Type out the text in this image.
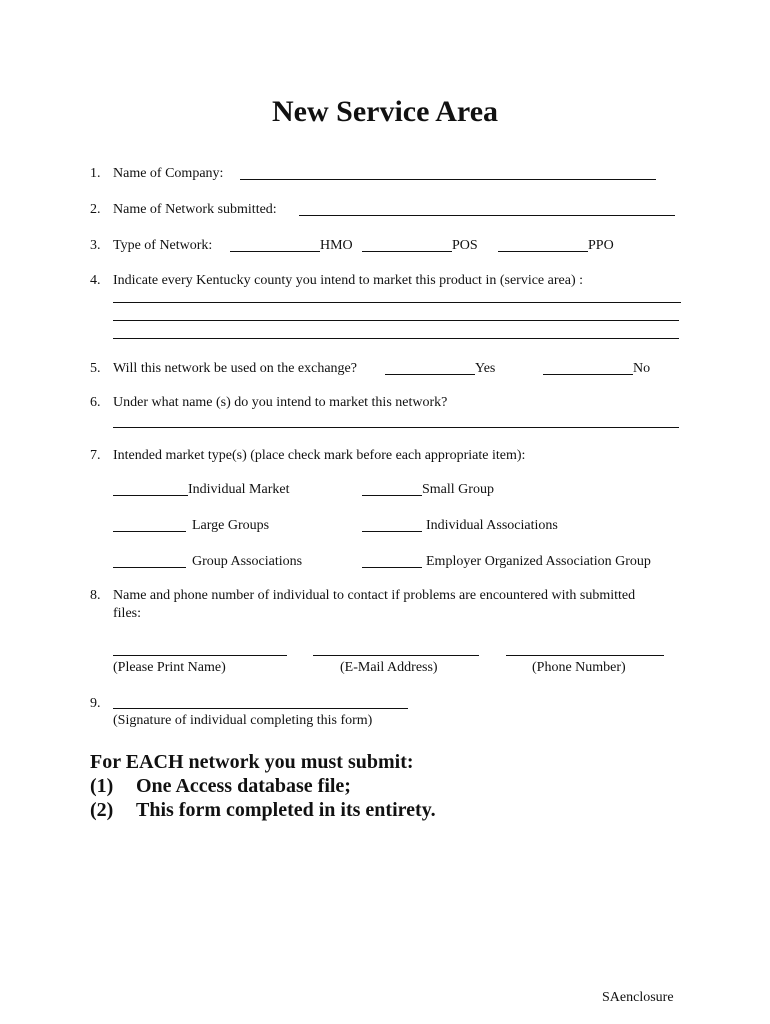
New Service Area
1. Name of Company:
2. Name of Network submitted:
3. Type of Network:	HMO	POS	PPO
4. Indicate every Kentucky county you intend to market this product in (service area) :
5. Will this network be used on the exchange?	Yes	No
6. Under what name (s) do you intend to market this network?
7. Intended market type(s) (place check mark before each appropriate item):
Individual Market	Small Group
Large Groups	Individual Associations
Group Associations	Employer Organized Association Group
8. Name and phone number of individual to contact if problems are encountered with submitted
files:
(Please Print Name)	(E-Mail Address)	(Phone Number)
9.
(Signature of individual completing this form)
For EACH network you must submit:
(1) One Access database file;
(2) This form completed in its entirety.
SAenclosure
